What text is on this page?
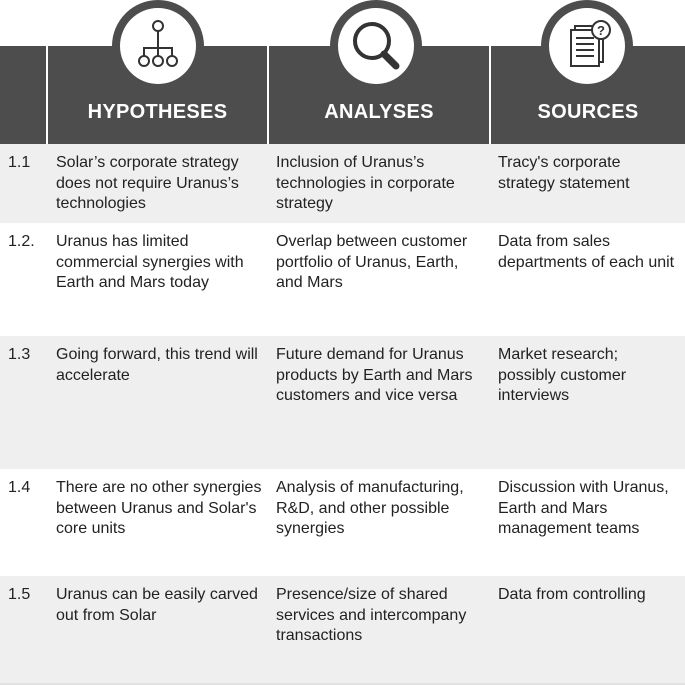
HYPOTHESES	ANALYSES	SOURCES
?
1.1 Solar’s corporate strategy does not require Uranus’s technologies
Inclusion of Uranus’s technologies in corporate strategy
Tracy's corporate strategy statement
1.2. Uranus has limited commercial synergies with Earth and Mars today
Overlap between customer portfolio of Uranus, Earth, and Mars
Data from sales departments of each unit
1.3 Going forward, this trend will accelerate
Future demand for Uranus products by Earth and Mars customers and vice versa
Market research; possibly customer interviews
1.4 There are no other synergies between Uranus and Solar's core units
Analysis of manufacturing, R&D, and other possible synergies
Discussion with Uranus, Earth and Mars management teams
1.5 Uranus can be easily carved out from Solar
Presence/size of shared services and intercompany transactions
Data from controlling
